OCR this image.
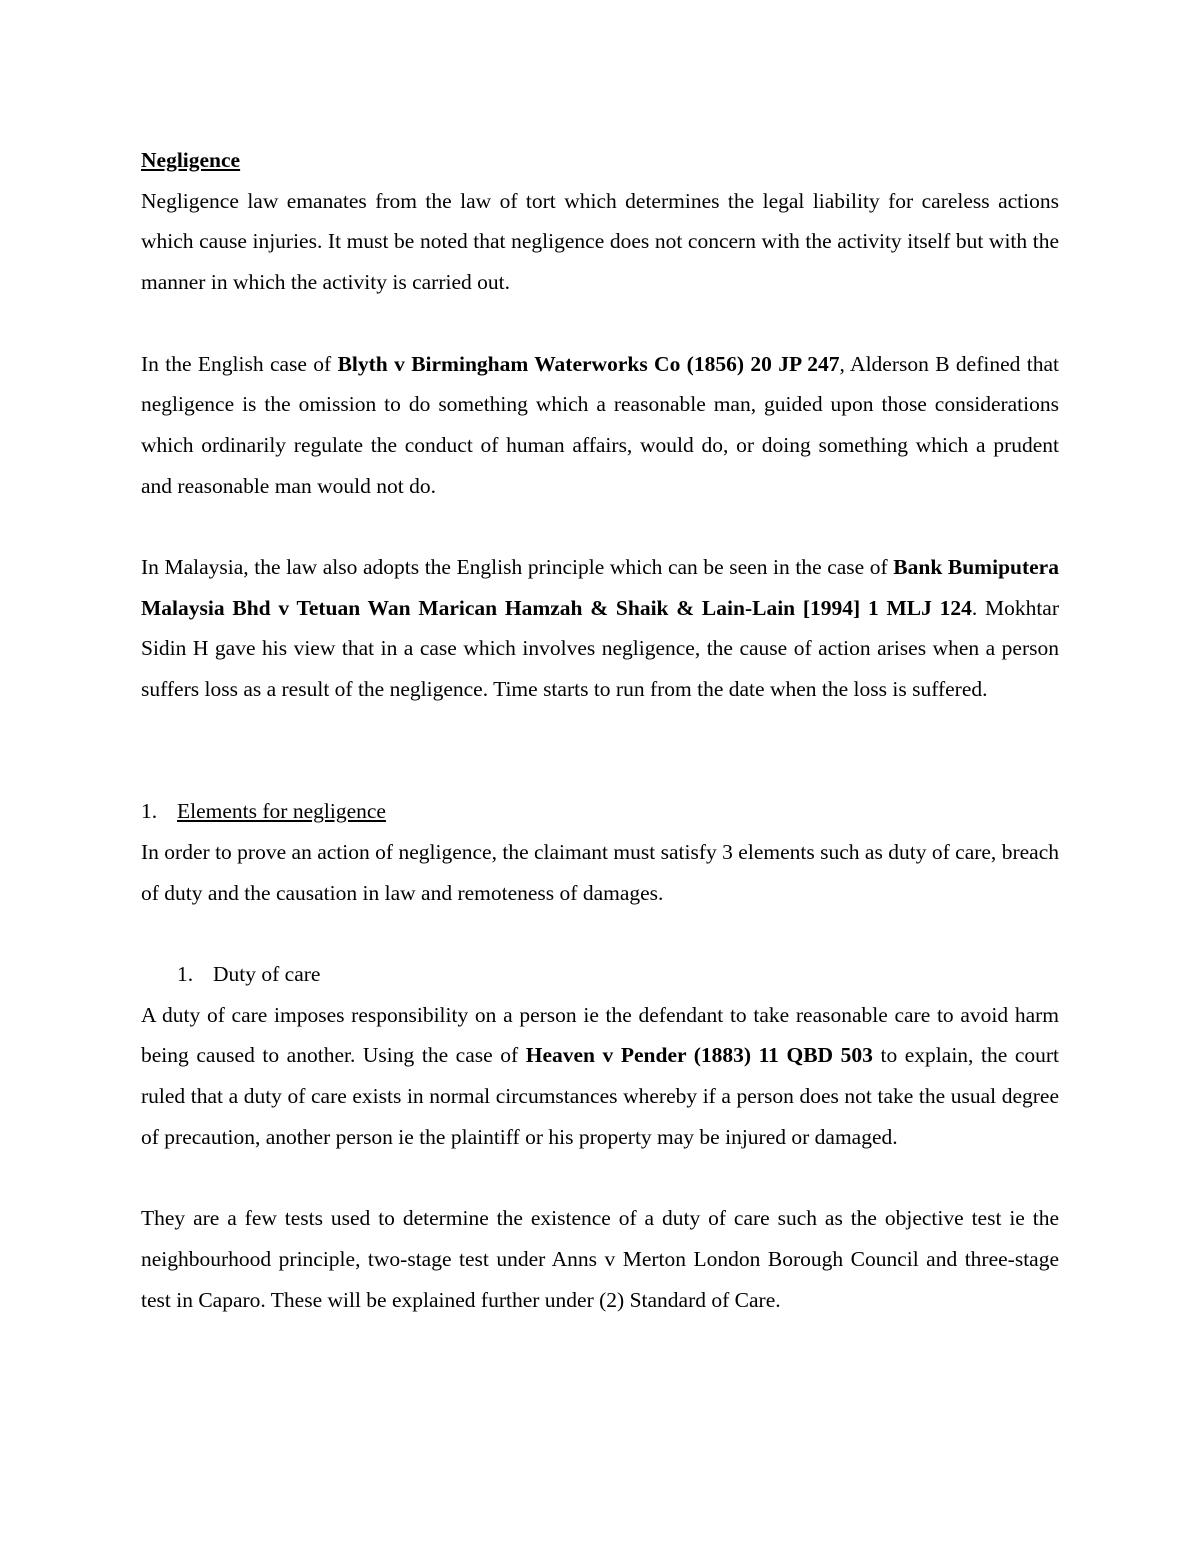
Negligence

Negligence law emanates from the law of tort which determines the legal liability for careless actions which cause injuries. It must be noted that negligence does not concern with the activity itself but with the manner in which the activity is carried out.

In the English case of Blyth v Birmingham Waterworks Co (1856) 20 JP 247, Alderson B defined that negligence is the omission to do something which a reasonable man, guided upon those considerations which ordinarily regulate the conduct of human affairs, would do, or doing something which a prudent and reasonable man would not do.

In Malaysia, the law also adopts the English principle which can be seen in the case of Bank Bumiputera Malaysia Bhd v Tetuan Wan Marican Hamzah & Shaik & Lain-Lain [1994] 1 MLJ 124. Mokhtar Sidin H gave his view that in a case which involves negligence, the cause of action arises when a person suffers loss as a result of the negligence. Time starts to run from the date when the loss is suffered.

1. Elements for negligence

In order to prove an action of negligence, the claimant must satisfy 3 elements such as duty of care, breach of duty and the causation in law and remoteness of damages.

1. Duty of care

A duty of care imposes responsibility on a person ie the defendant to take reasonable care to avoid harm being caused to another. Using the case of Heaven v Pender (1883) 11 QBD 503 to explain, the court ruled that a duty of care exists in normal circumstances whereby if a person does not take the usual degree of precaution, another person ie the plaintiff or his property may be injured or damaged.

They are a few tests used to determine the existence of a duty of care such as the objective test ie the neighbourhood principle, two-stage test under Anns v Merton London Borough Council and three-stage test in Caparo. These will be explained further under (2) Standard of Care.
